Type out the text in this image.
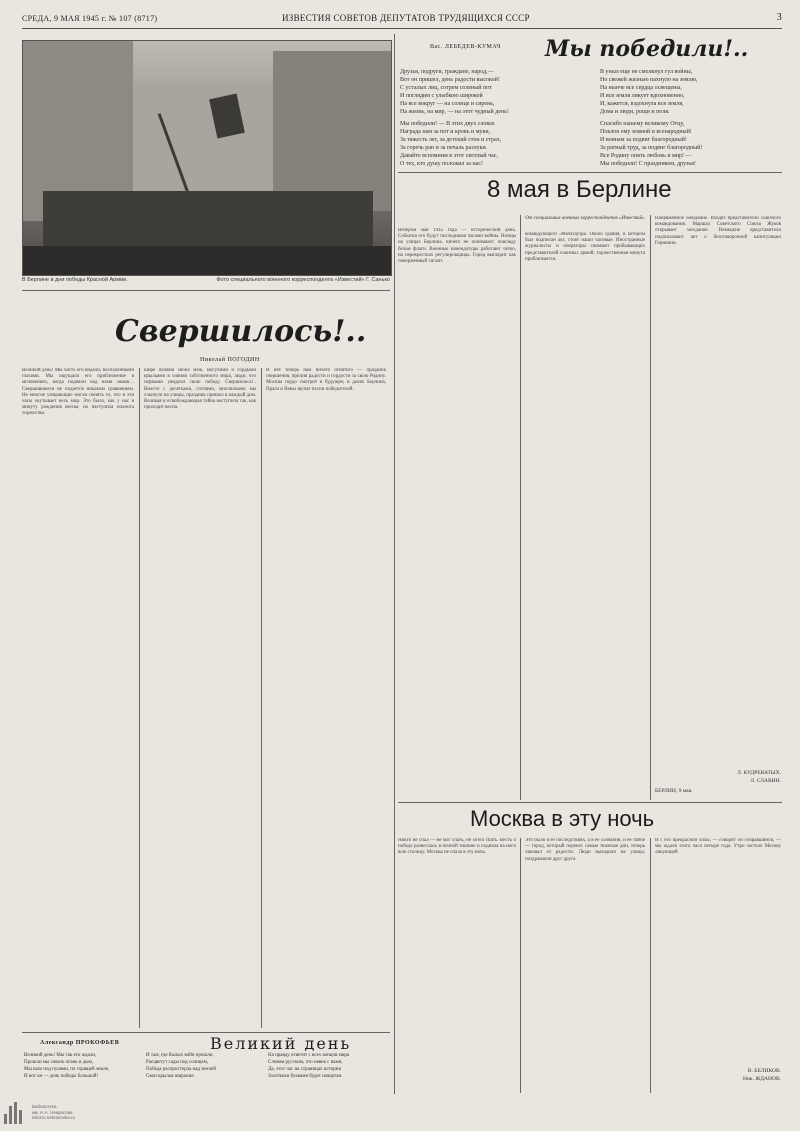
СРЕДА, 9 МАЯ 1945 г. № 107 (8717)	ИЗВЕСТИЯ СОВЕТОВ ДЕПУТАТОВ ТРУДЯЩИХСЯ СССР	3
В Берлине в дни победы Красной Армии.	Фото специального военного корреспондента «Известий» Г. Санько
Свершилось!..
Николай ПОГОДИН
Великий день! Мы часто его видели, воспаленными глазами. Мы ощущали его приближение в мгновениях, когда подняли над нами знамя… Свершившееся не подается никаким сравнениям. Не многие умирающие могли понять то, что в эти часы окутывает весь мир. Это было, как у нас в минуту рождения весны; но наступила полнота торжества.
шире полями своих меж, могучими и гордыми крыльями в сиянии собственного мира, люди, что первыми увидели свою победу. Свершилось!.. Вместе с десятками, сотнями, миллионами мы хлынули на улицы, праздник пришел в каждый дом. Великая и освобождающая тайна наступила так, как приходит весна.
И нет теперь нам ничего отнятого — праздник свершения, прилив радости и гордости за свою Родину. Москва гордо смотрит в будущее; в далях Берлина, Праги и Вены звучат песни победителей.
Вас. ЛЕБЕДЕВ-КУМАЧ Мы победили!..
Друзья, подруги, граждане, народ,—
Вот он пришел, день радости высокой!
С усталых лиц, сотрем соленый пот
И поглядим с улыбкою широкой
На все вокруг — на солнце и сирень,
На жизнь, на мир, — на этот чудный день!
Мы победили! — В этих двух словах
Награда нам за пот и кровь и муки,
За тяжесть лет, за детский стон и страх,
За горечь ран и за печаль разлуки.
Давайте вспомним в этот светлый час,
О тех, кто душу положил за нас!
В уныл еще не смолкнул гул войны,
Но свежей жизнью пахнуло на землю,
На нынче все сердца освещены,
И вся земля ликует вдохновенно,
И, кажется, вздохнула вся земля,
Дома и люди, рощи и поля.
Спасибо нашему великому Отцу,
Поклон ему земной и всенародный!
И воинам за подвиг благородный!
За ратный труд, за подвиг благородный!
Все Родину опять любовь и мир! —
Мы победили! С праздником, друзья!
8 мая в Берлине
Вечером мая 1945 года — исторический день. События его будут последними часами войны. Немцы на улицах Берлина, ничего не понимают; повсюду белые флаги. Военные комендатуры работают четко, на перекрестках регулировщицы. Город выглядит как поверженный гигант.
От специальных военных корреспондентов «Известий»
командующего Эйзенхауэра. Около здания, в котором был подписан акт, стоят наши часовые. Иностранные журналисты и операторы снимают прибывающих представителей союзных армий; торжественная минута приближается.
Напряженное ожидание. Входят представители союзного командования. Маршал Советского Союза Жуков открывает заседание. Немецкие представители подписывают акт о безоговорочной капитуляции Германии.
Л. КУДРЕВАТЫХ.
Л. СЛАВИН.
БЕРЛИН, 9 мая.
Москва в эту ночь
Никто не спал — не мог спать, не хотел спать. Весть о победе разнеслась в ночной тишине и подняла на ноги всю столицу. Москва не спала в эту ночь.
Это было в ее последствиях, а в ее сознании, и ее тайне — город, который перенес самые тяжелые дни, теперь ликовал от радости. Люди выходили на улицы, поздравляли друг друга.
И с его прекрасной силы, — говорит он собравшимся, — мы ждали этого часа четыре года. Утро застало Москву ликующей.
В. БЕЛИКОВ.
Ник. ЖДАНОВ.
Александр ПРОКОФЬЕВ	Великий день
Великий день! Мы так его ждали,
Прошли мы сквозь огонь и дым,
Мы шли под пулями, по горящей земле,
И вот он — день победы большой!
И там, где былых войн прошли,
Расцветут сады под солнцем,
Победа распростерла над землей
Свои крылья широкие.
На правду ответит с всех концов мира
Словом русским, что навек с нами,
Да, этот час на страницах истории
Золотыми буквами будет начертан.
Библиотека
им. Н.А. Некрасова
electro.nekrasovka.ru
